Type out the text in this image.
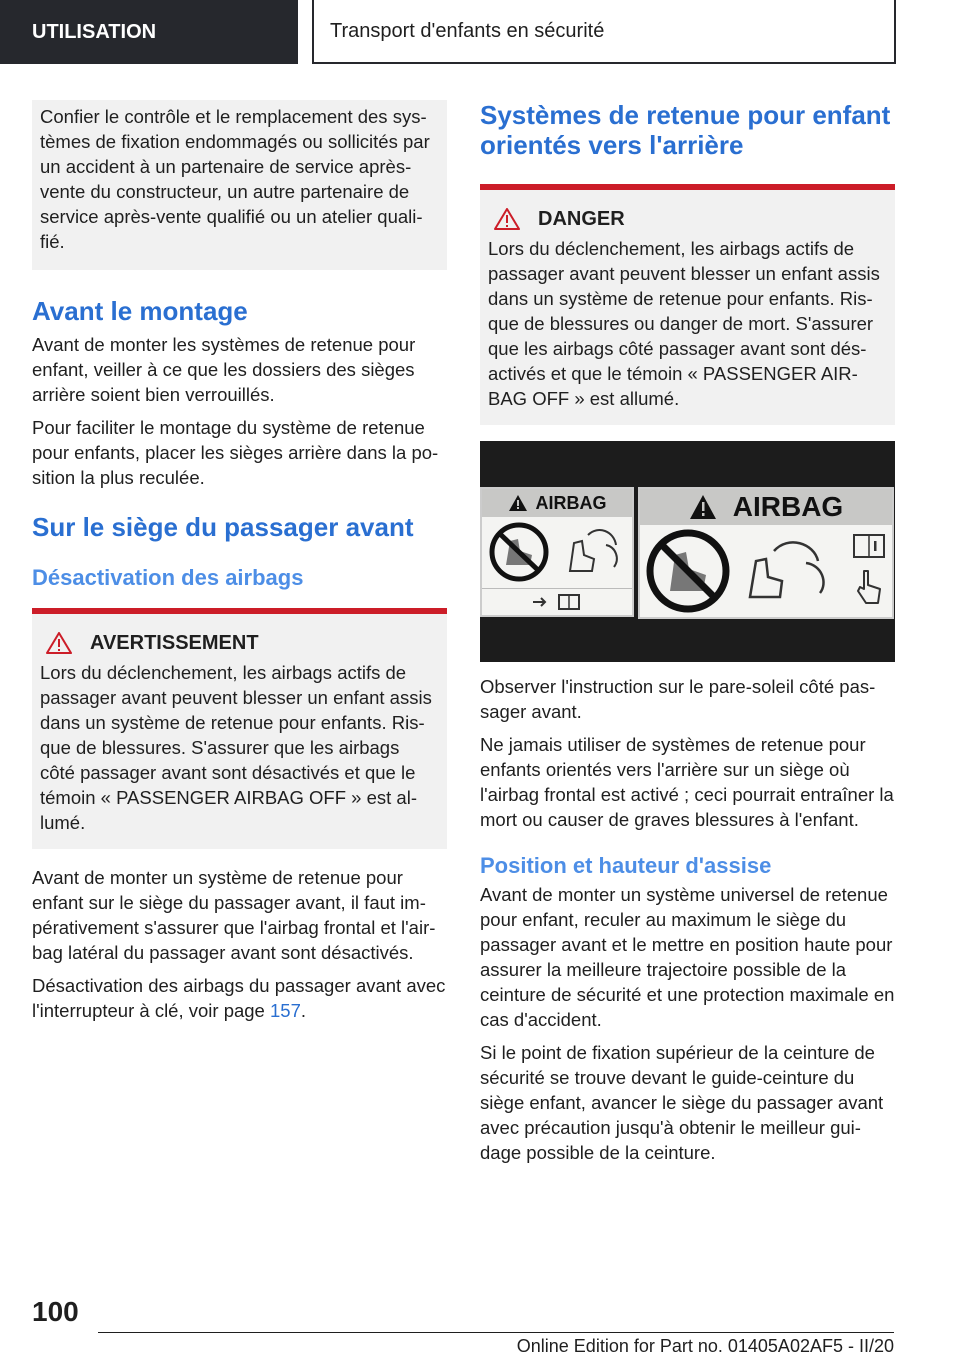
UTILISATION	Transport d'enfants en sécurité

Confier le contrôle et le remplacement des systèmes de fixation endommagés ou sollicités par un accident à un partenaire de service après-vente du constructeur, un autre partenaire de service après-vente qualifié ou un atelier qualifié.

Avant le montage

Avant de monter les systèmes de retenue pour enfant, veiller à ce que les dossiers des sièges arrière soient bien verrouillés.

Pour faciliter le montage du système de retenue pour enfants, placer les sièges arrière dans la position la plus reculée.

Sur le siège du passager avant
Désactivation des airbags
AVERTISSEMENT

Lors du déclenchement, les airbags actifs de passager avant peuvent blesser un enfant assis dans un système de retenue pour enfants. Risque de blessures. S'assurer que les airbags côté passager avant sont désactivés et que le témoin « PASSENGER AIRBAG OFF » est allumé.

Avant de monter un système de retenue pour enfant sur le siège du passager avant, il faut impérativement s'assurer que l'airbag frontal et l'airbag latéral du passager avant sont désactivés.

Désactivation des airbags du passager avant avec l'interrupteur à clé, voir page 157.

Systèmes de retenue pour enfant orientés vers l'arrière
DANGER

Lors du déclenchement, les airbags actifs de passager avant peuvent blesser un enfant assis dans un système de retenue pour enfants. Risque de blessures ou danger de mort. S'assurer que les airbags côté passager avant sont désactivés et que le témoin « PASSENGER AIRBAG OFF » est allumé.

AIRBAG	AIRBAG

Observer l'instruction sur le pare-soleil côté passager avant.

Ne jamais utiliser de systèmes de retenue pour enfants orientés vers l'arrière sur un siège où l'airbag frontal est activé ; ceci pourrait entraîner la mort ou causer de graves blessures à l'enfant.

Position et hauteur d'assise

Avant de monter un système universel de retenue pour enfant, reculer au maximum le siège du passager avant et le mettre en position haute pour assurer la meilleure trajectoire possible de la ceinture de sécurité et une protection maximale en cas d'accident.

Si le point de fixation supérieur de la ceinture de sécurité se trouve devant le guide-ceinture du siège enfant, avancer le siège du passager avant avec précaution jusqu'à obtenir le meilleur guidage possible de la ceinture.

100
Online Edition for Part no. 01405A02AF5 - II/20
